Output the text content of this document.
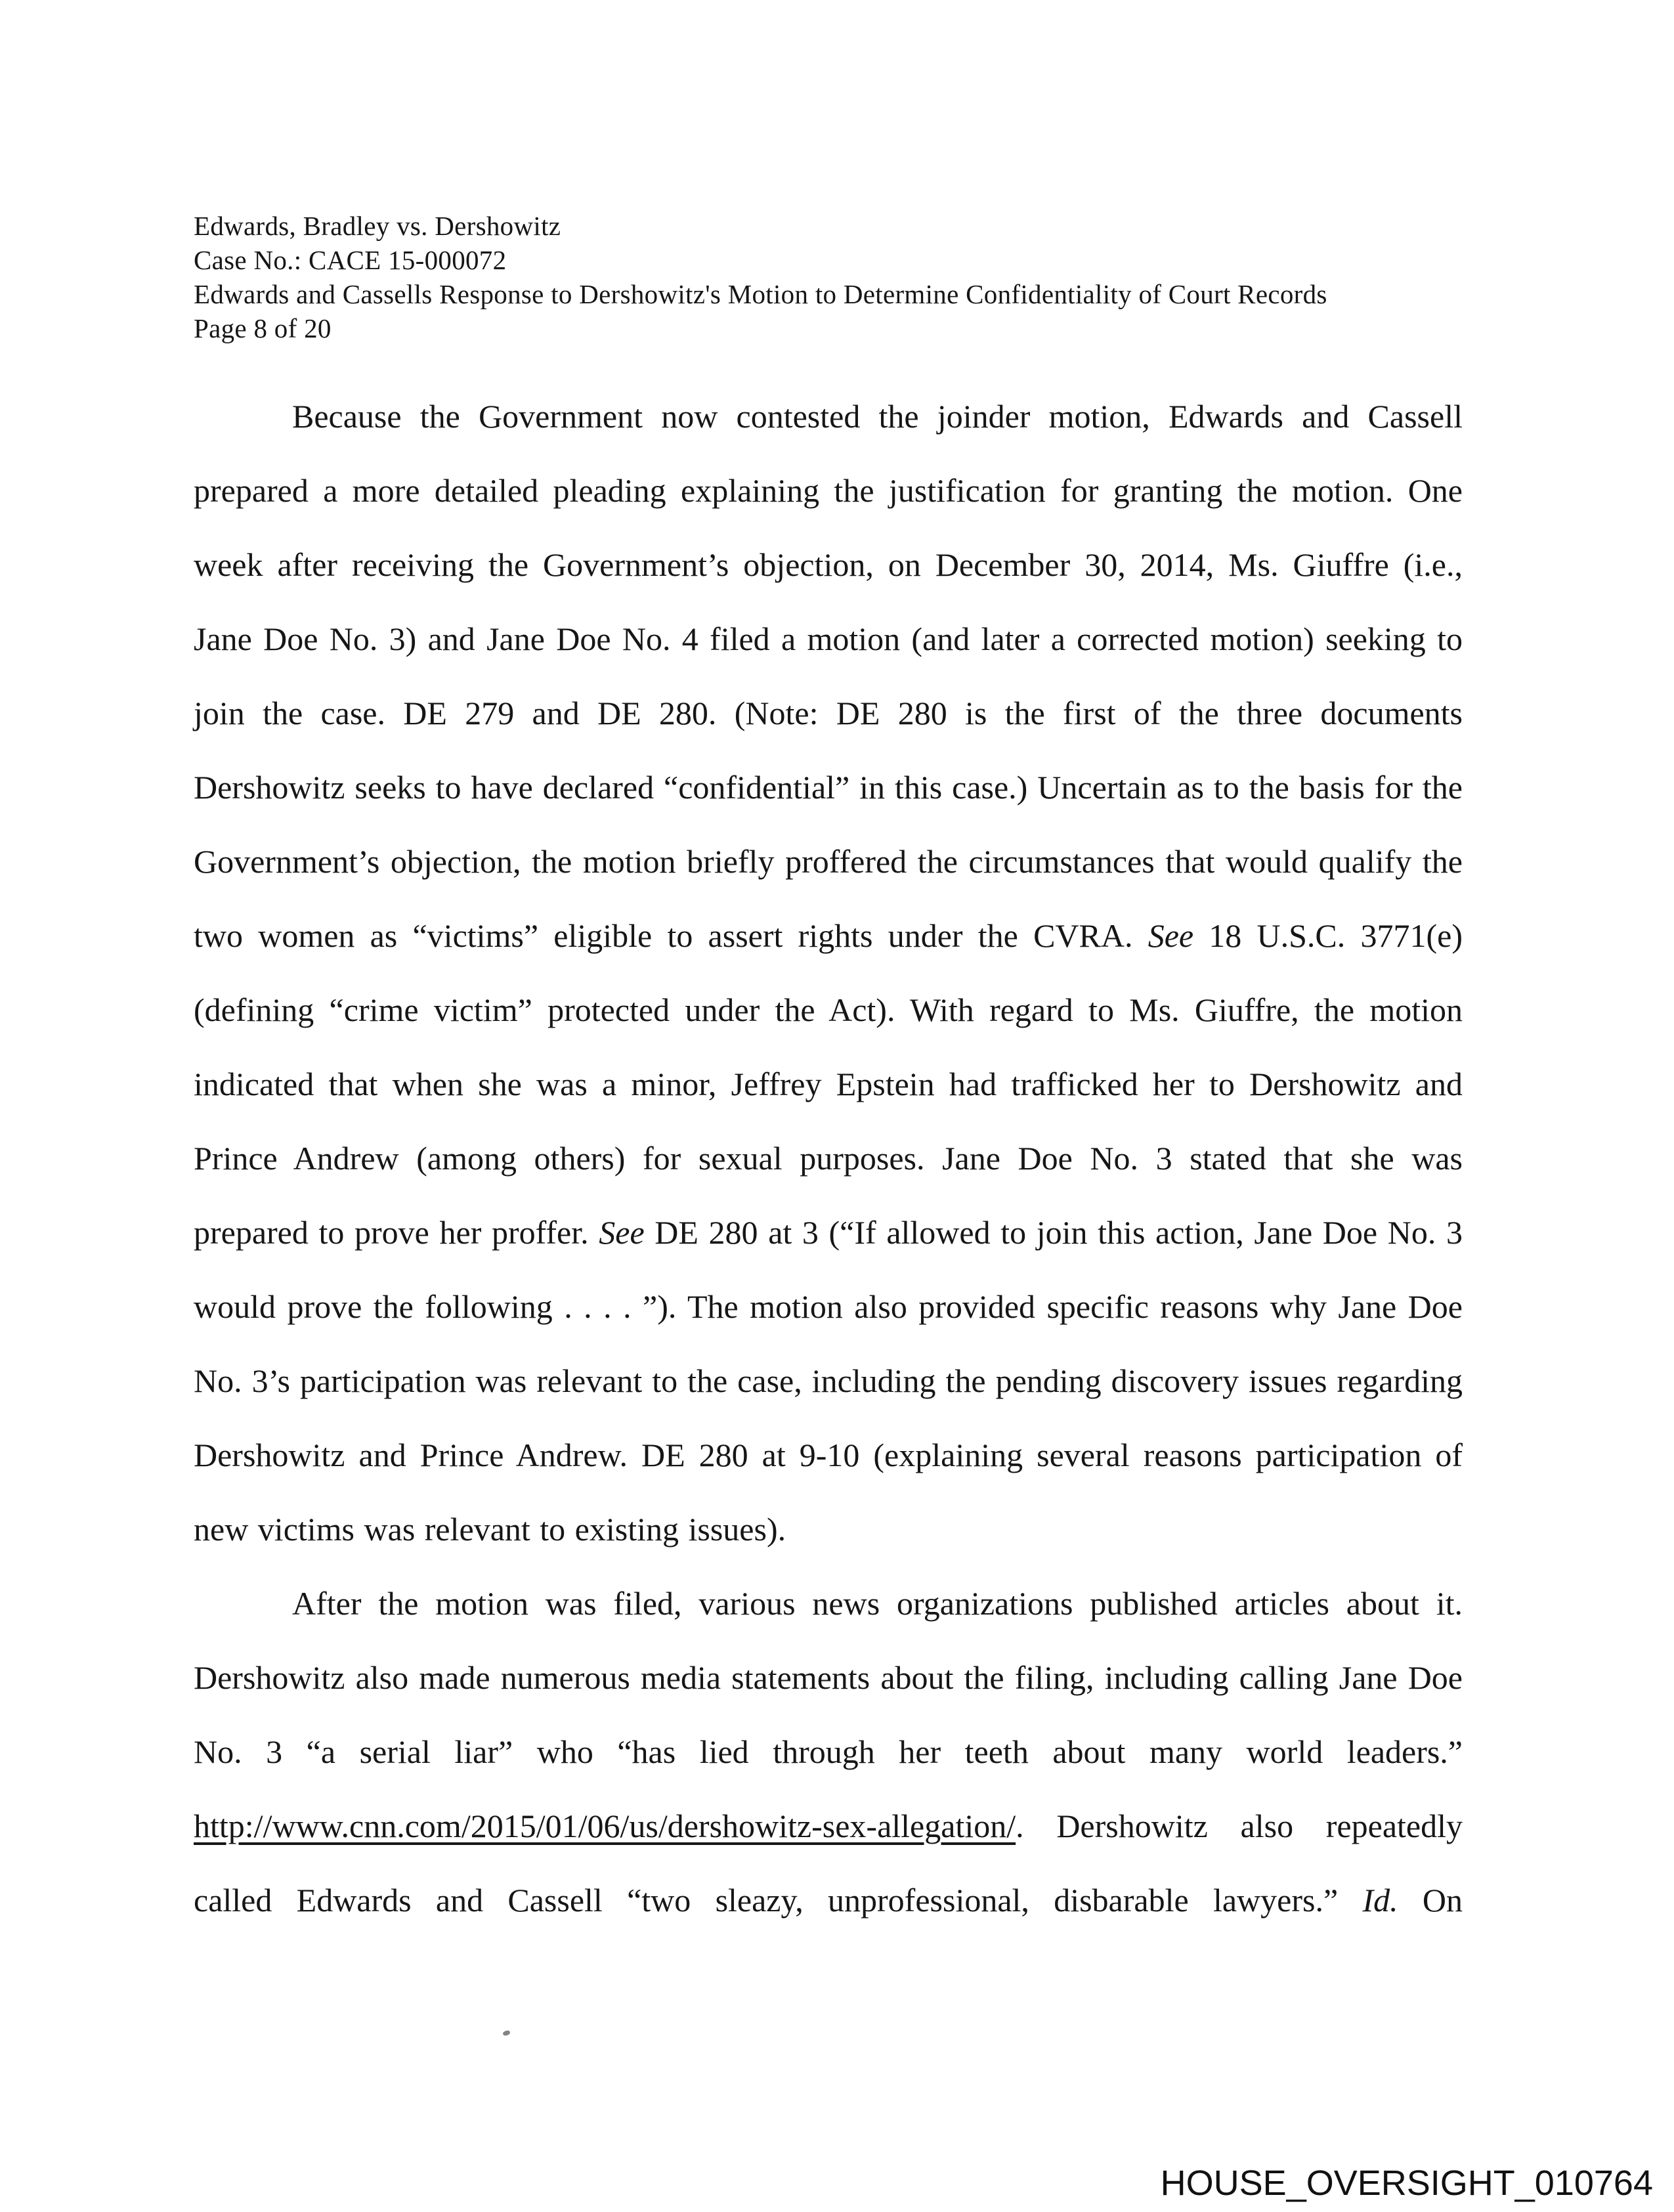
Edwards, Bradley vs. Dershowitz
Case No.: CACE 15-000072
Edwards and Cassells Response to Dershowitz's Motion to Determine Confidentiality of Court Records
Page 8 of 20

Because the Government now contested the joinder motion, Edwards and Cassell prepared a more detailed pleading explaining the justification for granting the motion. One week after receiving the Government’s objection, on December 30, 2014, Ms. Giuffre (i.e., Jane Doe No. 3) and Jane Doe No. 4 filed a motion (and later a corrected motion) seeking to join the case. DE 279 and DE 280. (Note: DE 280 is the first of the three documents Dershowitz seeks to have declared “confidential” in this case.) Uncertain as to the basis for the Government’s objection, the motion briefly proffered the circumstances that would qualify the two women as “victims” eligible to assert rights under the CVRA. See 18 U.S.C. 3771(e) (defining “crime victim” protected under the Act). With regard to Ms. Giuffre, the motion indicated that when she was a minor, Jeffrey Epstein had trafficked her to Dershowitz and Prince Andrew (among others) for sexual purposes. Jane Doe No. 3 stated that she was prepared to prove her proffer. See DE 280 at 3 (“If allowed to join this action, Jane Doe No. 3 would prove the following . . . . ”). The motion also provided specific reasons why Jane Doe No. 3’s participation was relevant to the case, including the pending discovery issues regarding Dershowitz and Prince Andrew. DE 280 at 9-10 (explaining several reasons participation of new victims was relevant to existing issues).

After the motion was filed, various news organizations published articles about it. Dershowitz also made numerous media statements about the filing, including calling Jane Doe No. 3 “a serial liar” who “has lied through her teeth about many world leaders.” http://www.cnn.com/2015/01/06/us/dershowitz-sex-allegation/. Dershowitz also repeatedly called Edwards and Cassell “two sleazy, unprofessional, disbarable lawyers.” Id. On

HOUSE_OVERSIGHT_010764
